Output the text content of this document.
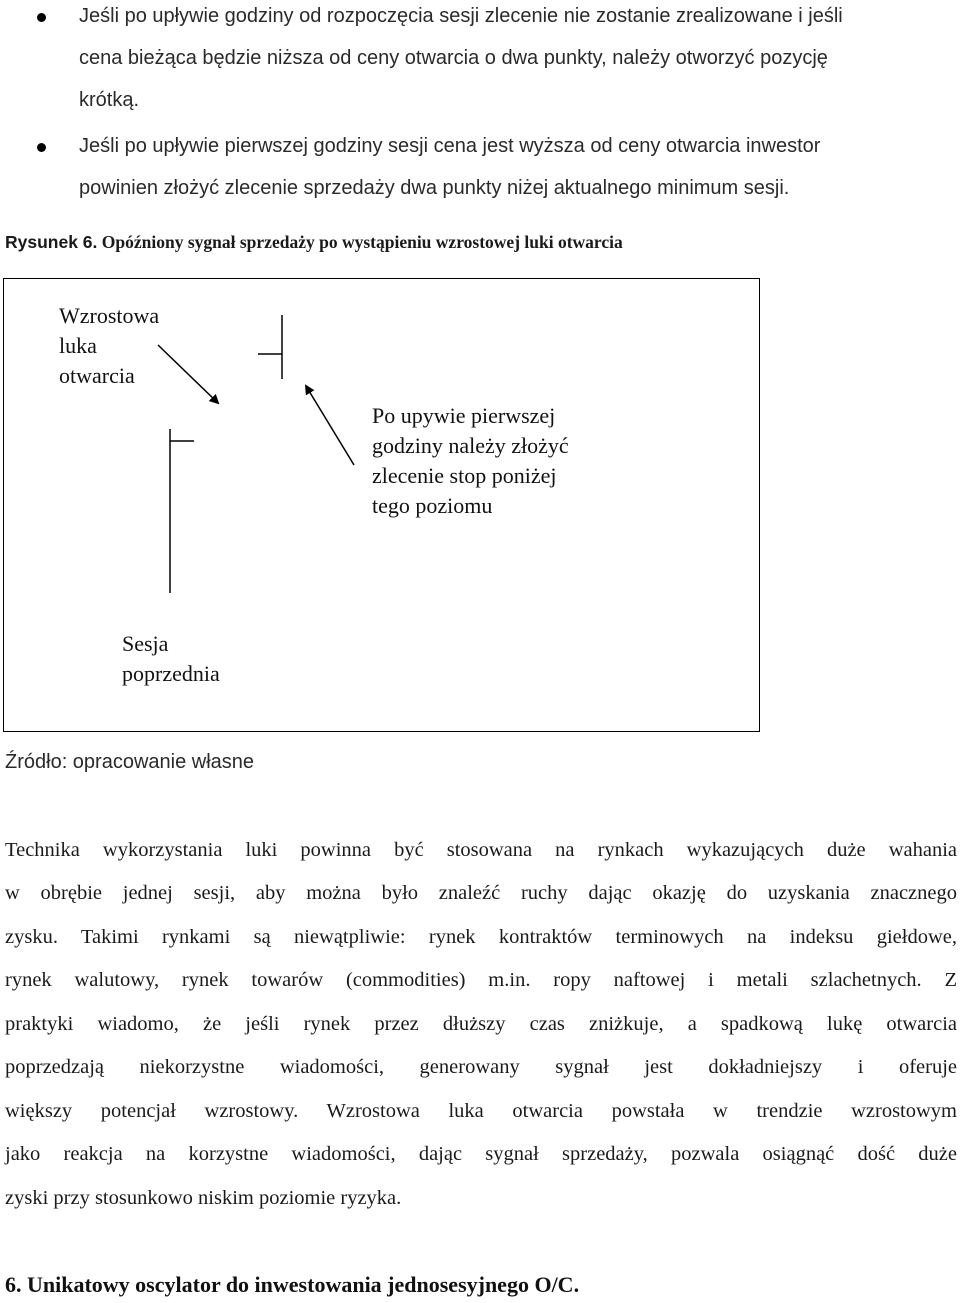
Jeśli po upływie godziny od rozpoczęcia sesji zlecenie nie zostanie zrealizowane i jeśli
cena bieżąca będzie niższa od ceny otwarcia o dwa punkty, należy otworzyć pozycję
krótką.
Jeśli po upływie pierwszej godziny sesji cena jest wyższa od ceny otwarcia inwestor
powinien złożyć zlecenie sprzedaży dwa punkty niżej aktualnego minimum sesji.
Rysunek 6. Opóźniony sygnał sprzedaży po wystąpieniu wzrostowej luki otwarcia
Wzrostowa
luka
otwarcia
Po upywie pierwszej
godziny należy złożyć
zlecenie stop poniżej
tego poziomu
Sesja
poprzednia
Źródło: opracowanie własne
Technika wykorzystania luki powinna być stosowana na rynkach wykazujących duże wahania
w obrębie jednej sesji, aby można było znaleźć ruchy dając okazję do uzyskania znacznego
zysku. Takimi rynkami są niewątpliwie: rynek kontraktów terminowych na indeksu giełdowe,
rynek walutowy, rynek towarów (commodities) m.in. ropy naftowej i metali szlachetnych. Z
praktyki wiadomo, że jeśli rynek przez dłuższy czas zniżkuje, a spadkową lukę otwarcia
poprzedzają niekorzystne wiadomości, generowany sygnał jest dokładniejszy i oferuje
większy potencjał wzrostowy. Wzrostowa luka otwarcia powstała w trendzie wzrostowym
jako reakcja na korzystne wiadomości, dając sygnał sprzedaży, pozwala osiągnąć dość duże
zyski przy stosunkowo niskim poziomie ryzyka.
6. Unikatowy oscylator do inwestowania jednosesyjnego O/C.
